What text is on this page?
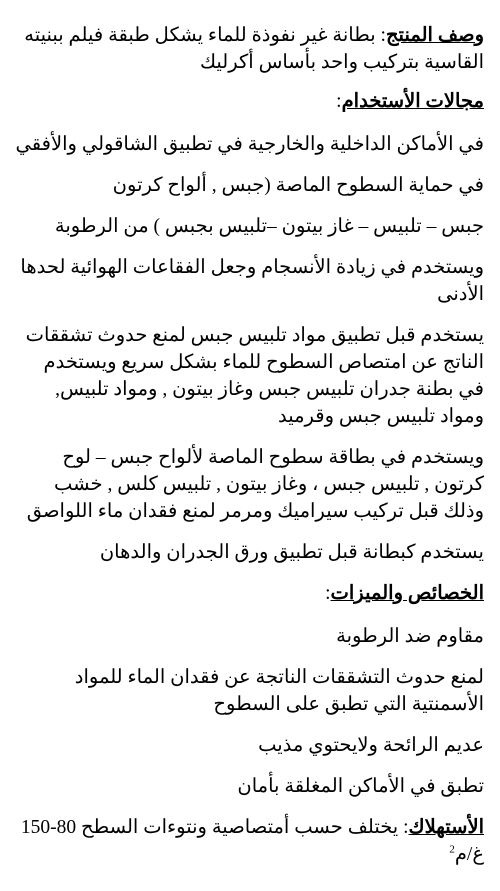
وصف المنتج: بطانة غير نفوذة للماء يشكل طبقة فيلم ببنيته القاسية بتركيب واحد بأساس أكرليك

مجالات الأستخدام:

في الأماكن الداخلية والخارجية في تطبيق الشاقولي والأفقي

في حماية السطوح الماصة (جبس , ألواح كرتون

جبس – تلبيس – غاز بيتون –تلبيس بجبس ) من الرطوبة

ويستخدم في زيادة الأنسجام وجعل الفقاعات الهوائية لحدها الأدنى

يستخدم قبل تطبيق مواد تلبيس جبس لمنع حدوث تشققات الناتج عن امتصاص السطوح للماء بشكل سريع ويستخدم في بطنة جدران تلبيس جبس وغاز بيتون , ومواد تلبيس, ومواد تلبيس جبس وقرميد

ويستخدم في بطاقة سطوح الماصة لألواح جبس – لوح كرتون , تلبيس جبس ، وغاز بيتون , تلبيس كلس , خشب وذلك قبل تركيب سيراميك ومرمر لمنع فقدان ماء اللواصق

يستخدم كبطانة قبل تطبيق ورق الجدران والدهان

الخصائص والميزات:

مقاوم ضد الرطوبة

لمنع حدوث التشققات الناتجة عن فقدان الماء للمواد الأسمنتية التي تطبق على السطوح

عديم الرائحة ولايحتوي مذيب

تطبق في الأماكن المغلقة بأمان

الأستهلاك: يختلف حسب أمتصاصية ونتوءات السطح 80-150 غ/م$^2$
